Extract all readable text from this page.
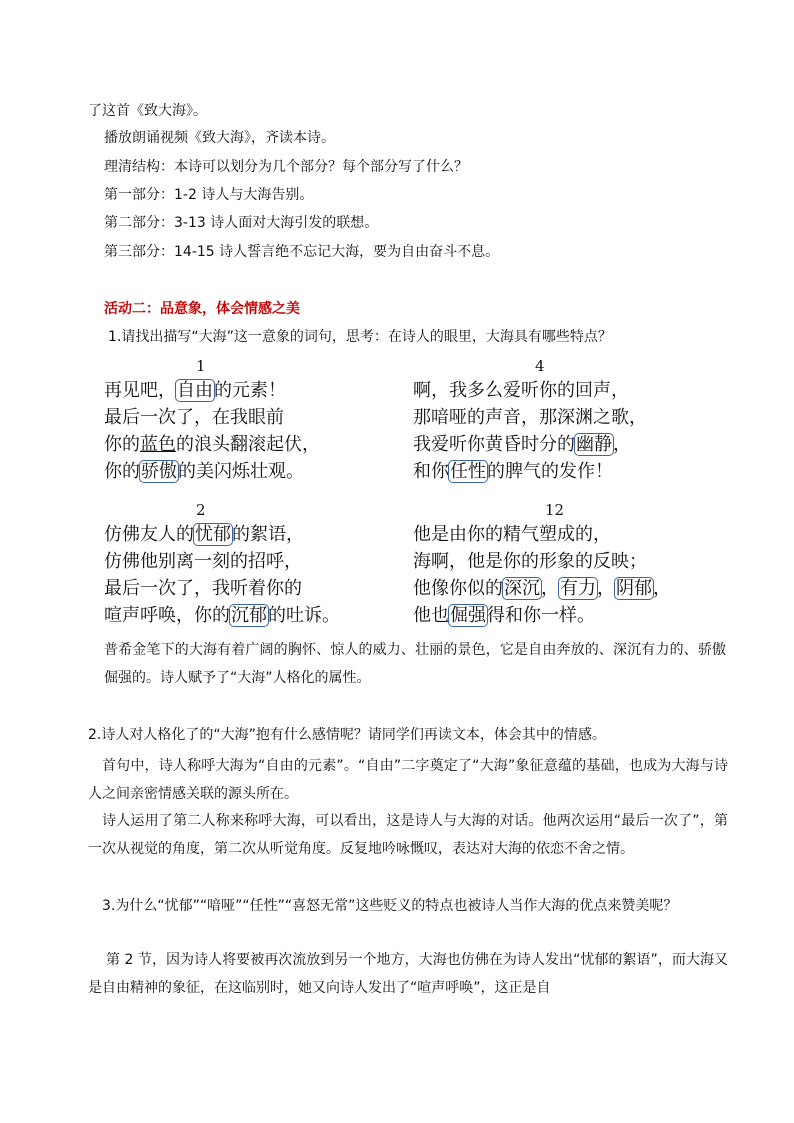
了这首《致大海》。
播放朗诵视频《致大海》，齐读本诗。
理清结构：本诗可以划分为几个部分？每个部分写了什么？
第一部分：1-2 诗人与大海告别。
第二部分：3-13 诗人面对大海引发的联想。
第三部分：14-15 诗人誓言绝不忘记大海，要为自由奋斗不息。
活动二：品意象，体会情感之美
1.请找出描写“大海”这一意象的词句，思考：在诗人的眼里，大海具有哪些特点？
1
再见吧，自由的元素！
最后一次了，在我眼前
你的蓝色的浪头翻滚起伏，
你的骄傲的美闪烁壮观。
4
啊，我多么爱听你的回声，
那喑哑的声音，那深渊之歌，
我爱听你黄昏时分的幽静，
和你任性的脾气的发作！
2
仿佛友人的忧郁的絮语，
仿佛他别离一刻的招呼，
最后一次了，我听着你的
喧声呼唤，你的沉郁的吐诉。
12
他是由你的精气塑成的，
海啊，他是你的形象的反映；
他像你似的深沉，有力，阴郁，
他也倔强得和你一样。
普希金笔下的大海有着广阔的胸怀、惊人的威力、壮丽的景色，它是自由奔放的、深沉有力的、骄傲倔强的。诗人赋予了“大海”人格化的属性。
2.诗人对人格化了的“大海”抱有什么感情呢？请同学们再读文本，体会其中的情感。
首句中，诗人称呼大海为“自由的元素”。“自由”二字奠定了“大海”象征意蕴的基础，也成为大海与诗人之间亲密情感关联的源头所在。
诗人运用了第二人称来称呼大海，可以看出，这是诗人与大海的对话。他两次运用“最后一次了”，第一次从视觉的角度，第二次从听觉角度。反复地吟咏慨叹，表达对大海的依恋不舍之情。
3.为什么“忧郁”“喑哑”“任性”“喜怒无常”这些贬义的特点也被诗人当作大海的优点来赞美呢？
第 2 节，因为诗人将要被再次流放到另一个地方，大海也仿佛在为诗人发出“忧郁的絮语”，而大海又是自由精神的象征，在这临别时，她又向诗人发出了“喧声呼唤”，这正是自
